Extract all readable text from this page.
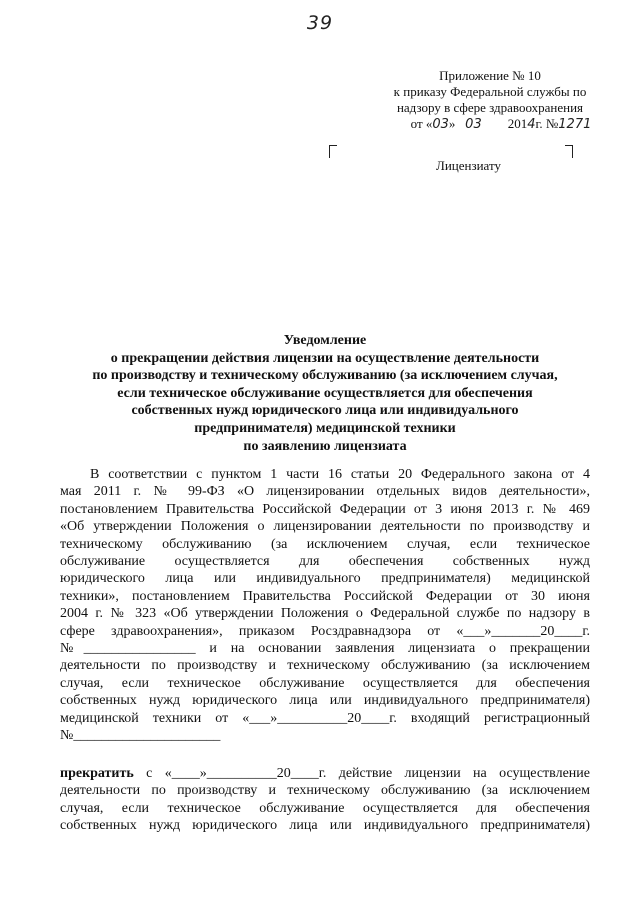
39
Приложение № 10
к приказу Федеральной службы по
надзору в сфере здравоохранения
от «03» 03 2014г. №1271
Лицензиату
Уведомление
о прекращении действия лицензии на осуществление деятельности
по производству и техническому обслуживанию (за исключением случая,
если техническое обслуживание осуществляется для обеспечения
собственных нужд юридического лица или индивидуального
предпринимателя) медицинской техники
по заявлению лицензиата
В соответствии с пунктом 1 части 16 статьи 20 Федерального закона от 4
мая 2011 г. № 99-ФЗ «О лицензировании отдельных видов деятельности»,
постановлением Правительства Российской Федерации от 3 июня 2013 г. № 469
«Об утверждении Положения о лицензировании деятельности по производству и
техническому обслуживанию (за исключением случая, если техническое
обслуживание осуществляется для обеспечения собственных нужд
юридического лица или индивидуального предпринимателя) медицинской
техники», постановлением Правительства Российской Федерации от 30 июня
2004 г. № 323 «Об утверждении Положения о Федеральной службе по надзору в
сфере здравоохранения», приказом Росздравнадзора от «___»_______20____г.
№________________ и на основании заявления лицензиата о прекращении
деятельности по производству и техническому обслуживанию (за исключением
случая, если техническое обслуживание осуществляется для обеспечения
собственных нужд юридического лица или индивидуального предпринимателя)
медицинской техники от «___»__________20____г. входящий регистрационный
№_____________________
прекратить с «____»__________20____г. действие лицензии на осуществление
деятельности по производству и техническому обслуживанию (за исключением
случая, если техническое обслуживание осуществляется для обеспечения
собственных нужд юридического лица или индивидуального предпринимателя)
